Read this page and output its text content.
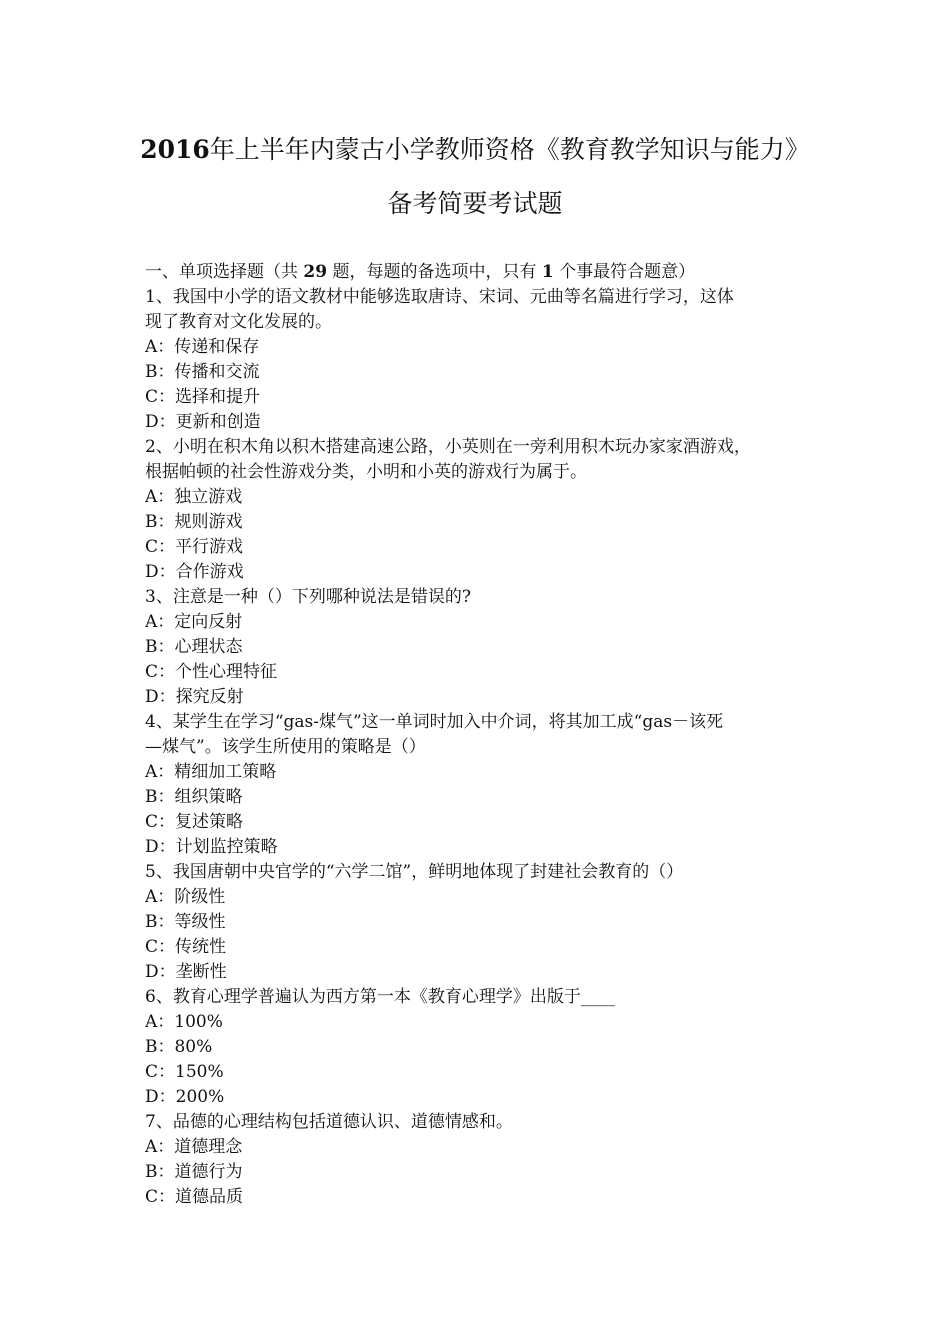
2016年上半年内蒙古小学教师资格《教育教学知识与能力》
备考简要考试题
一、单项选择题（共 29 题，每题的备选项中，只有 1 个事最符合题意）
1、我国中小学的语文教材中能够选取唐诗、宋词、元曲等名篇进行学习，这体
现了教育对文化发展的。
A：传递和保存
B：传播和交流
C：选择和提升
D：更新和创造
2、小明在积木角以积木搭建高速公路，小英则在一旁利用积木玩办家家酒游戏，
根据帕顿的社会性游戏分类，小明和小英的游戏行为属于。
A：独立游戏
B：规则游戏
C：平行游戏
D：合作游戏
3、注意是一种（）下列哪种说法是错误的?
A：定向反射
B：心理状态
C：个性心理特征
D：探究反射
4、某学生在学习“gas-煤气”这一单词时加入中介词，将其加工成“gas－该死
—煤气”。该学生所使用的策略是（）
A：精细加工策略
B：组织策略
C：复述策略
D：计划监控策略
5、我国唐朝中央官学的“六学二馆”，鲜明地体现了封建社会教育的（）
A：阶级性
B：等级性
C：传统性
D：垄断性
6、教育心理学普遍认为西方第一本《教育心理学》出版于____
A：100%
B：80%
C：150%
D：200%
7、品德的心理结构包括道德认识、道德情感和。
A：道德理念
B：道德行为
C：道德品质
